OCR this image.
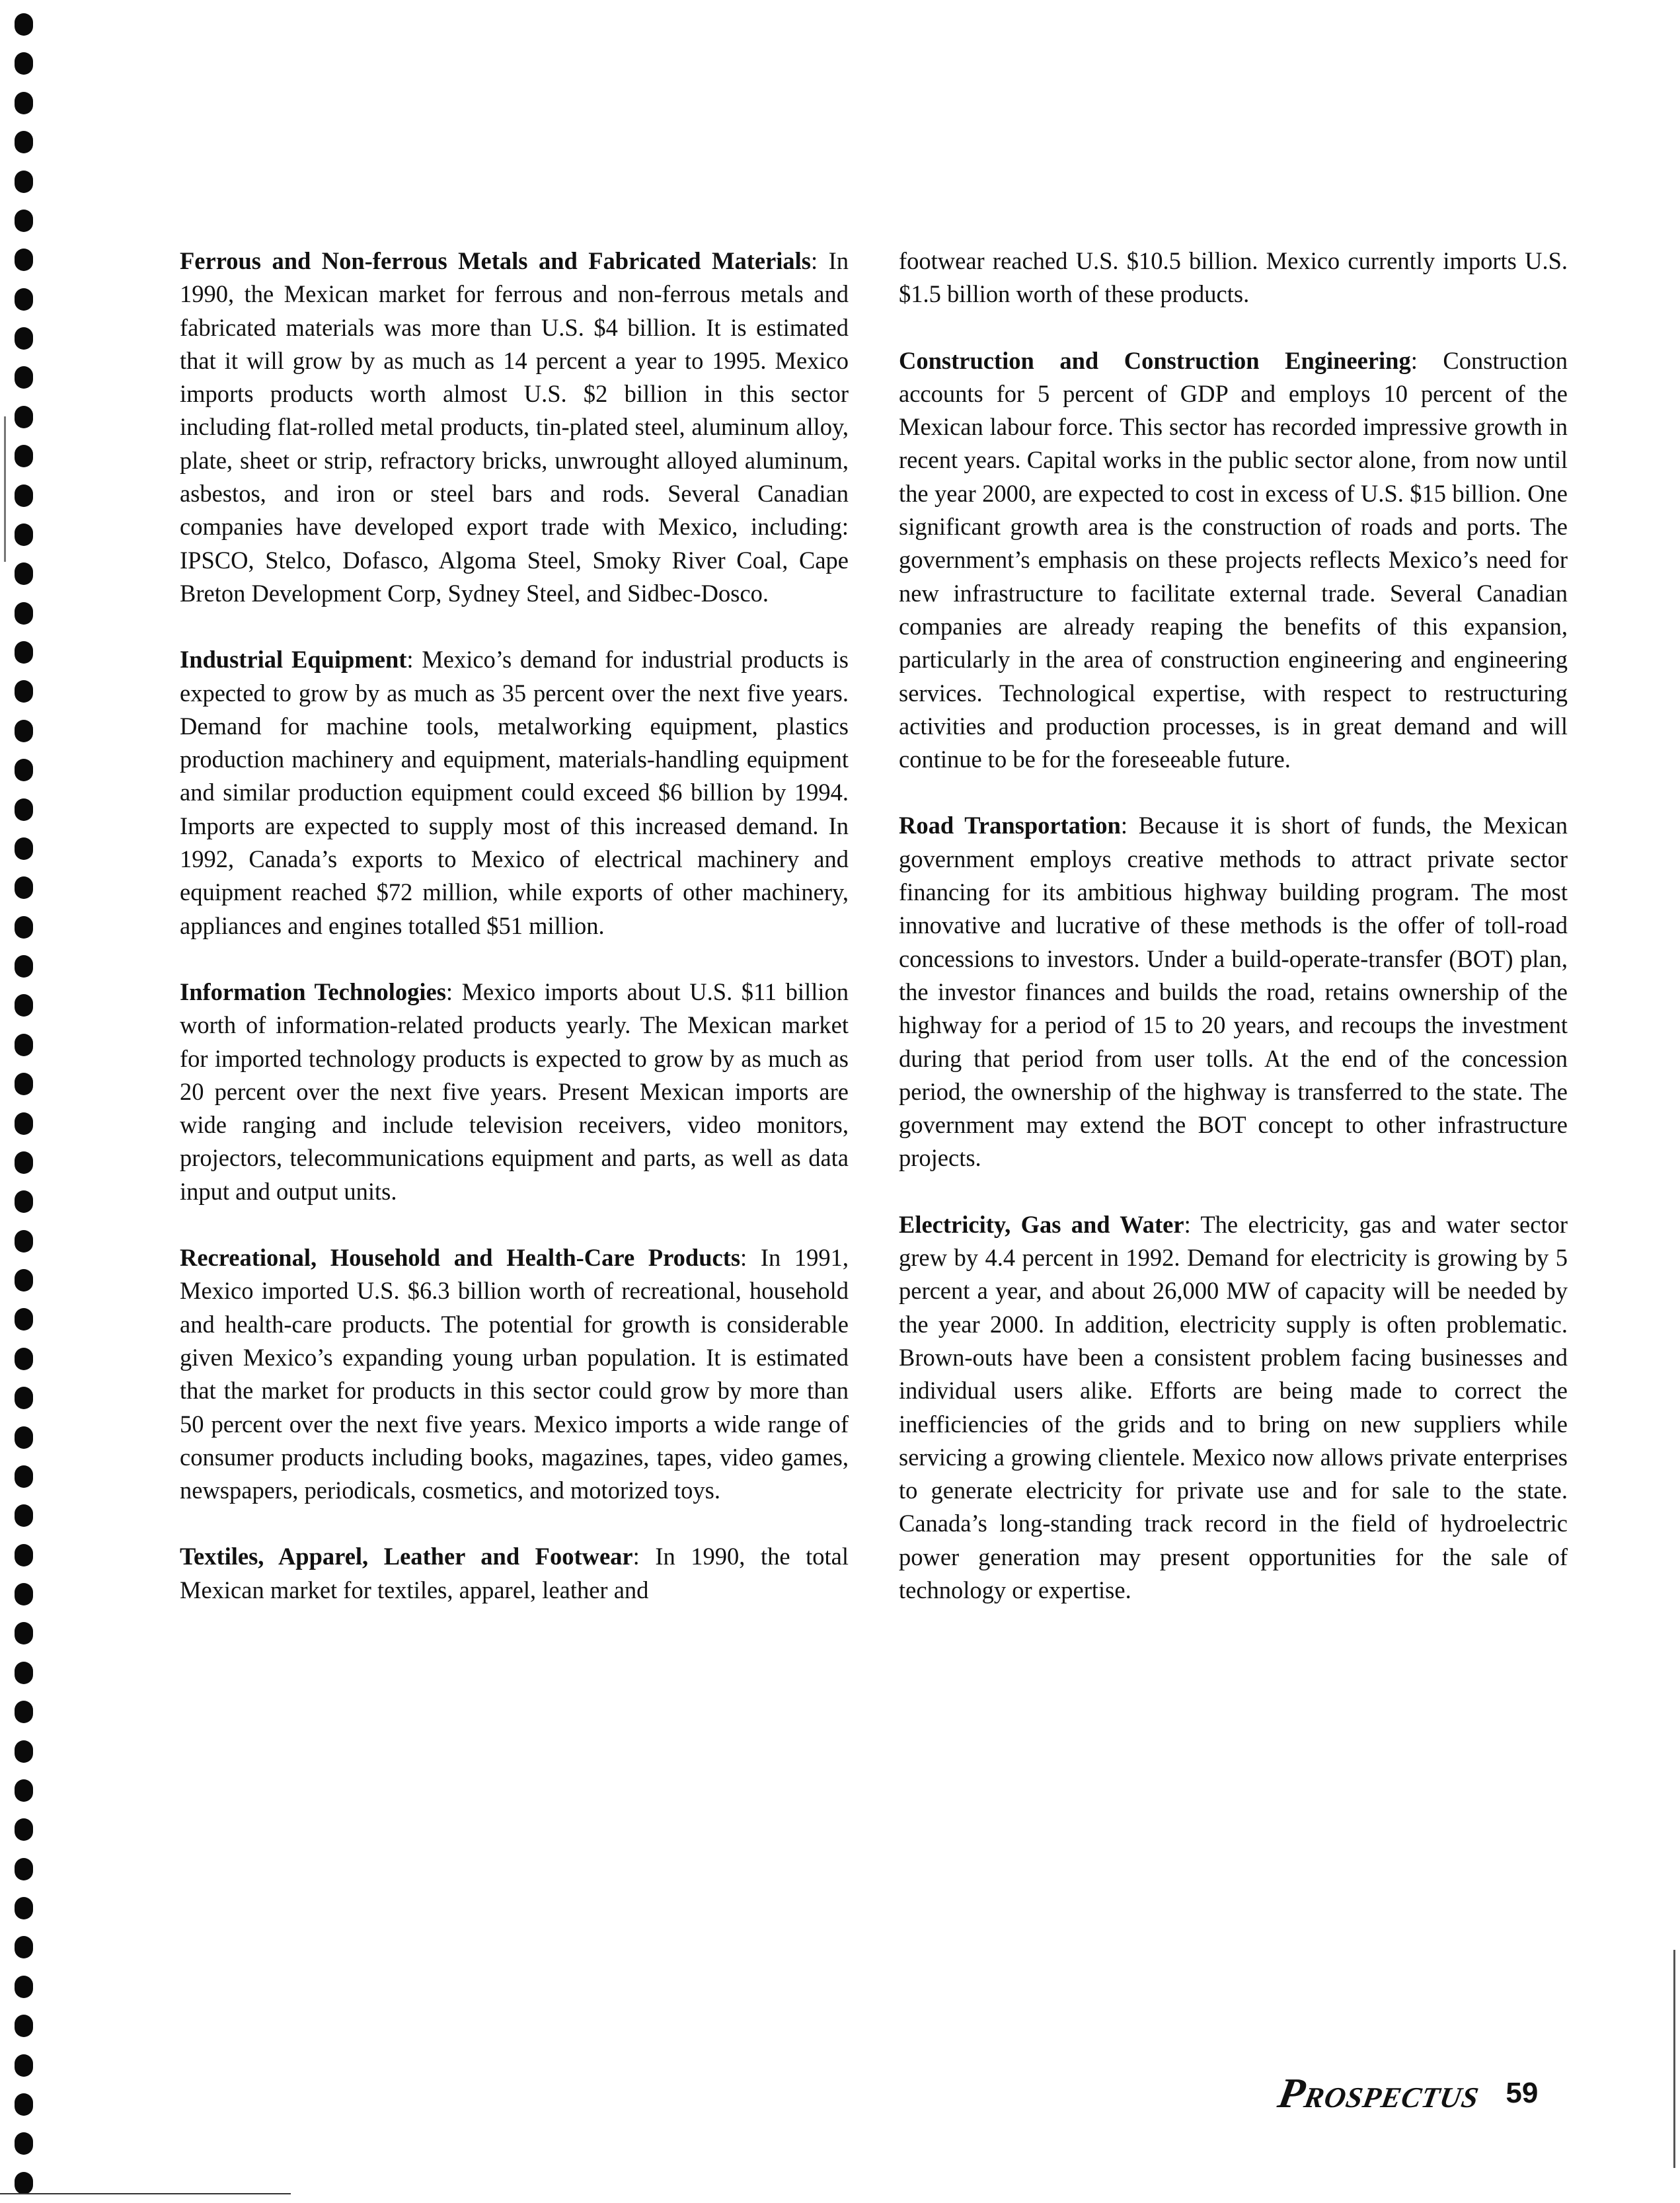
Ferrous and Non-ferrous Metals and Fabricated Materials: In 1990, the Mexican market for ferrous and non-ferrous metals and fabricated materials was more than U.S. $4 billion. It is estimated that it will grow by as much as 14 percent a year to 1995. Mexico imports products worth almost U.S. $2 billion in this sector including flat-rolled metal products, tin-plated steel, aluminum alloy, plate, sheet or strip, refractory bricks, unwrought alloyed aluminum, asbestos, and iron or steel bars and rods. Several Canadian companies have developed export trade with Mexico, including: IPSCO, Stelco, Dofasco, Algoma Steel, Smoky River Coal, Cape Breton Development Corp, Sydney Steel, and Sidbec-Dosco.

Industrial Equipment: Mexico’s demand for industrial products is expected to grow by as much as 35 percent over the next five years. Demand for machine tools, metalworking equipment, plastics production machinery and equipment, materials-handling equipment and similar production equipment could exceed $6 billion by 1994. Imports are expected to supply most of this increased demand. In 1992, Canada’s exports to Mexico of electrical machinery and equipment reached $72 million, while exports of other machinery, appliances and engines totalled $51 million.

Information Technologies: Mexico imports about U.S. $11 billion worth of information-related products yearly. The Mexican market for imported technology products is expected to grow by as much as 20 percent over the next five years. Present Mexican imports are wide ranging and include television receivers, video monitors, projectors, telecommunications equipment and parts, as well as data input and output units.

Recreational, Household and Health-Care Products: In 1991, Mexico imported U.S. $6.3 billion worth of recreational, household and health-care products. The potential for growth is considerable given Mexico’s expanding young urban population. It is estimated that the market for products in this sector could grow by more than 50 percent over the next five years. Mexico imports a wide range of consumer products including books, magazines, tapes, video games, newspapers, periodicals, cosmetics, and motorized toys.

Textiles, Apparel, Leather and Footwear: In 1990, the total Mexican market for textiles, apparel, leather and

footwear reached U.S. $10.5 billion. Mexico currently imports U.S. $1.5 billion worth of these products.

Construction and Construction Engineering: Construction accounts for 5 percent of GDP and employs 10 percent of the Mexican labour force. This sector has recorded impressive growth in recent years. Capital works in the public sector alone, from now until the year 2000, are expected to cost in excess of U.S. $15 billion. One significant growth area is the construction of roads and ports. The government’s emphasis on these projects reflects Mexico’s need for new infrastructure to facilitate external trade. Several Canadian companies are already reaping the benefits of this expansion, particularly in the area of construction engineering and engineering services. Technological expertise, with respect to restructuring activities and production processes, is in great demand and will continue to be for the foreseeable future.

Road Transportation: Because it is short of funds, the Mexican government employs creative methods to attract private sector financing for its ambitious highway building program. The most innovative and lucrative of these methods is the offer of toll-road concessions to investors. Under a build-operate-transfer (BOT) plan, the investor finances and builds the road, retains ownership of the highway for a period of 15 to 20 years, and recoups the investment during that period from user tolls. At the end of the concession period, the ownership of the highway is transferred to the state. The government may extend the BOT concept to other infrastructure projects.

Electricity, Gas and Water: The electricity, gas and water sector grew by 4.4 percent in 1992. Demand for electricity is growing by 5 percent a year, and about 26,000 MW of capacity will be needed by the year 2000. In addition, electricity supply is often problematic. Brown-outs have been a consistent problem facing businesses and individual users alike. Efforts are being made to correct the inefficiencies of the grids and to bring on new suppliers while servicing a growing clientele. Mexico now allows private enterprises to generate electricity for private use and for sale to the state. Canada’s long-standing track record in the field of hydroelectric power generation may present opportunities for the sale of technology or expertise.

PROSPECTUS 59
